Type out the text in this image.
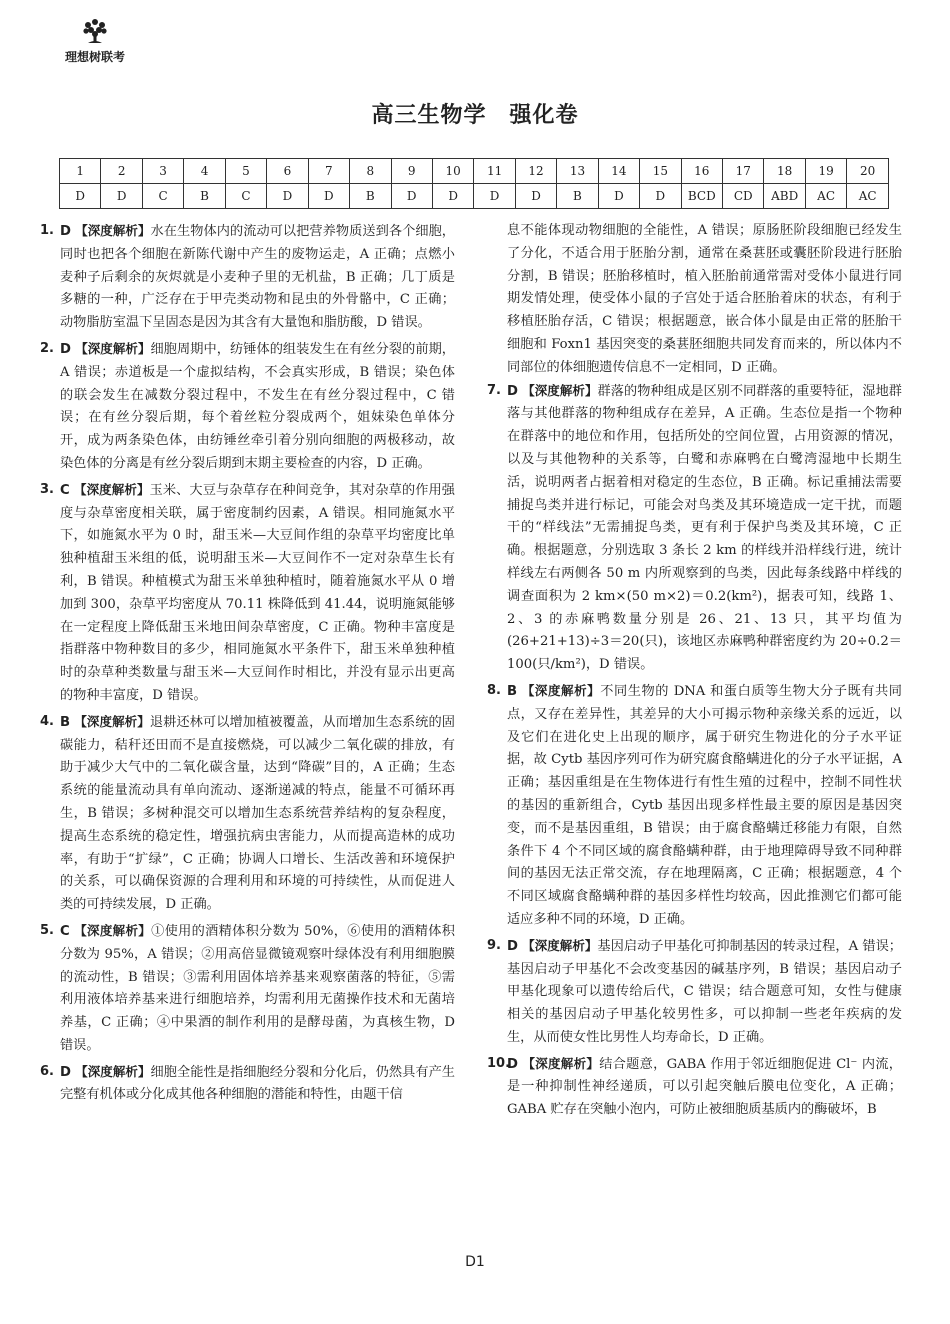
理想树联考
高三生物学　强化卷
1	2	3	4	5	6	7	8	9	10	11	12	13	14	15	16	17	18	19	20
D	D	C	B	C	D	D	B	D	D	D	D	B	D	D	BCD	CD	ABD	AC	AC
1. D 【深度解析】水在生物体内的流动可以把营养物质送到各个细胞，同时也把各个细胞在新陈代谢中产生的废物运走，A 正确；点燃小麦种子后剩余的灰烬就是小麦种子里的无机盐，B 正确；几丁质是多糖的一种，广泛存在于甲壳类动物和昆虫的外骨骼中，C 正确；动物脂肪室温下呈固态是因为其含有大量饱和脂肪酸，D 错误。
2. D 【深度解析】细胞周期中，纺锤体的组装发生在有丝分裂的前期，A 错误；赤道板是一个虚拟结构，不会真实形成，B 错误；染色体的联会发生在减数分裂过程中，不发生在有丝分裂过程中，C 错误；在有丝分裂后期，每个着丝粒分裂成两个，姐妹染色单体分开，成为两条染色体，由纺锤丝牵引着分别向细胞的两极移动，故染色体的分离是有丝分裂后期到末期主要检查的内容，D 正确。
3. C 【深度解析】玉米、大豆与杂草存在种间竞争，其对杂草的作用强度与杂草密度相关联，属于密度制约因素，A 错误。相同施氮水平下，如施氮水平为 0 时，甜玉米—大豆间作组的杂草平均密度比单独种植甜玉米组的低，说明甜玉米—大豆间作不一定对杂草生长有利，B 错误。种植模式为甜玉米单独种植时，随着施氮水平从 0 增加到 300，杂草平均密度从 70.11 株降低到 41.44，说明施氮能够在一定程度上降低甜玉米地田间杂草密度，C 正确。物种丰富度是指群落中物种数目的多少，相同施氮水平条件下，甜玉米单独种植时的杂草种类数量与甜玉米—大豆间作时相比，并没有显示出更高的物种丰富度，D 错误。
4. B 【深度解析】退耕还林可以增加植被覆盖，从而增加生态系统的固碳能力，秸秆还田而不是直接燃烧，可以减少二氧化碳的排放，有助于减少大气中的二氧化碳含量，达到“降碳”目的，A 正确；生态系统的能量流动具有单向流动、逐渐递减的特点，能量不可循环再生，B 错误；多树种混交可以增加生态系统营养结构的复杂程度，提高生态系统的稳定性，增强抗病虫害能力，从而提高造林的成功率，有助于“扩绿”，C 正确；协调人口增长、生活改善和环境保护的关系，可以确保资源的合理利用和环境的可持续性，从而促进人类的可持续发展，D 正确。
5. C 【深度解析】①使用的酒精体积分数为 50%，⑥使用的酒精体积分数为 95%，A 错误；②用高倍显微镜观察叶绿体没有利用细胞膜的流动性，B 错误；③需利用固体培养基来观察菌落的特征，⑤需利用液体培养基来进行细胞培养，均需利用无菌操作技术和无菌培养基，C 正确；④中果酒的制作利用的是酵母菌，为真核生物，D 错误。
6. D 【深度解析】细胞全能性是指细胞经分裂和分化后，仍然具有产生完整有机体或分化成其他各种细胞的潜能和特性，由题干信
息不能体现动物细胞的全能性，A 错误；原肠胚阶段细胞已经发生了分化，不适合用于胚胎分割，通常在桑葚胚或囊胚阶段进行胚胎分割，B 错误；胚胎移植时，植入胚胎前通常需对受体小鼠进行同期发情处理，使受体小鼠的子宫处于适合胚胎着床的状态，有利于移植胚胎存活，C 错误；根据题意，嵌合体小鼠是由正常的胚胎干细胞和 Foxn1 基因突变的桑葚胚细胞共同发育而来的，所以体内不同部位的体细胞遗传信息不一定相同，D 正确。
7. D 【深度解析】群落的物种组成是区别不同群落的重要特征，湿地群落与其他群落的物种组成存在差异，A 正确。生态位是指一个物种在群落中的地位和作用，包括所处的空间位置，占用资源的情况，以及与其他物种的关系等，白鹭和赤麻鸭在白鹭湾湿地中长期生活，说明两者占据着相对稳定的生态位，B 正确。标记重捕法需要捕捉鸟类并进行标记，可能会对鸟类及其环境造成一定干扰，而题干的“样线法”无需捕捉鸟类，更有利于保护鸟类及其环境，C 正确。根据题意，分别选取 3 条长 2 km 的样线并沿样线行进，统计样线左右两侧各 50 m 内所观察到的鸟类，因此每条线路中样线的调查面积为 2 km×(50 m×2)＝0.2(km²)，据表可知，线路 1、2、3 的赤麻鸭数量分别是 26、21、13 只，其平均值为(26+21+13)÷3＝20(只)，该地区赤麻鸭种群密度约为 20÷0.2＝100(只/km²)，D 错误。
8. B 【深度解析】不同生物的 DNA 和蛋白质等生物大分子既有共同点，又存在差异性，其差异的大小可揭示物种亲缘关系的远近，以及它们在进化史上出现的顺序，属于研究生物进化的分子水平证据，故 Cytb 基因序列可作为研究腐食酪螨进化的分子水平证据，A 正确；基因重组是在生物体进行有性生殖的过程中，控制不同性状的基因的重新组合，Cytb 基因出现多样性最主要的原因是基因突变，而不是基因重组，B 错误；由于腐食酪螨迁移能力有限，自然条件下 4 个不同区域的腐食酪螨种群，由于地理障碍导致不同种群间的基因无法正常交流，存在地理隔离，C 正确；根据题意，4 个不同区域腐食酪螨种群的基因多样性均较高，因此推测它们都可能适应多种不同的环境，D 正确。
9. D 【深度解析】基因启动子甲基化可抑制基因的转录过程，A 错误；基因启动子甲基化不会改变基因的碱基序列，B 错误；基因启动子甲基化现象可以遗传给后代，C 错误；结合题意可知，女性与健康相关的基因启动子甲基化较男性多，可以抑制一些老年疾病的发生，从而使女性比男性人均寿命长，D 正确。
10.
D 【深度解析】结合题意，GABA 作用于邻近细胞促进 Cl⁻ 内流，是一种抑制性神经递质，可以引起突触后膜电位变化，A 正确；GABA 贮存在突触小泡内，可防止被细胞质基质内的酶破坏，B
D1
